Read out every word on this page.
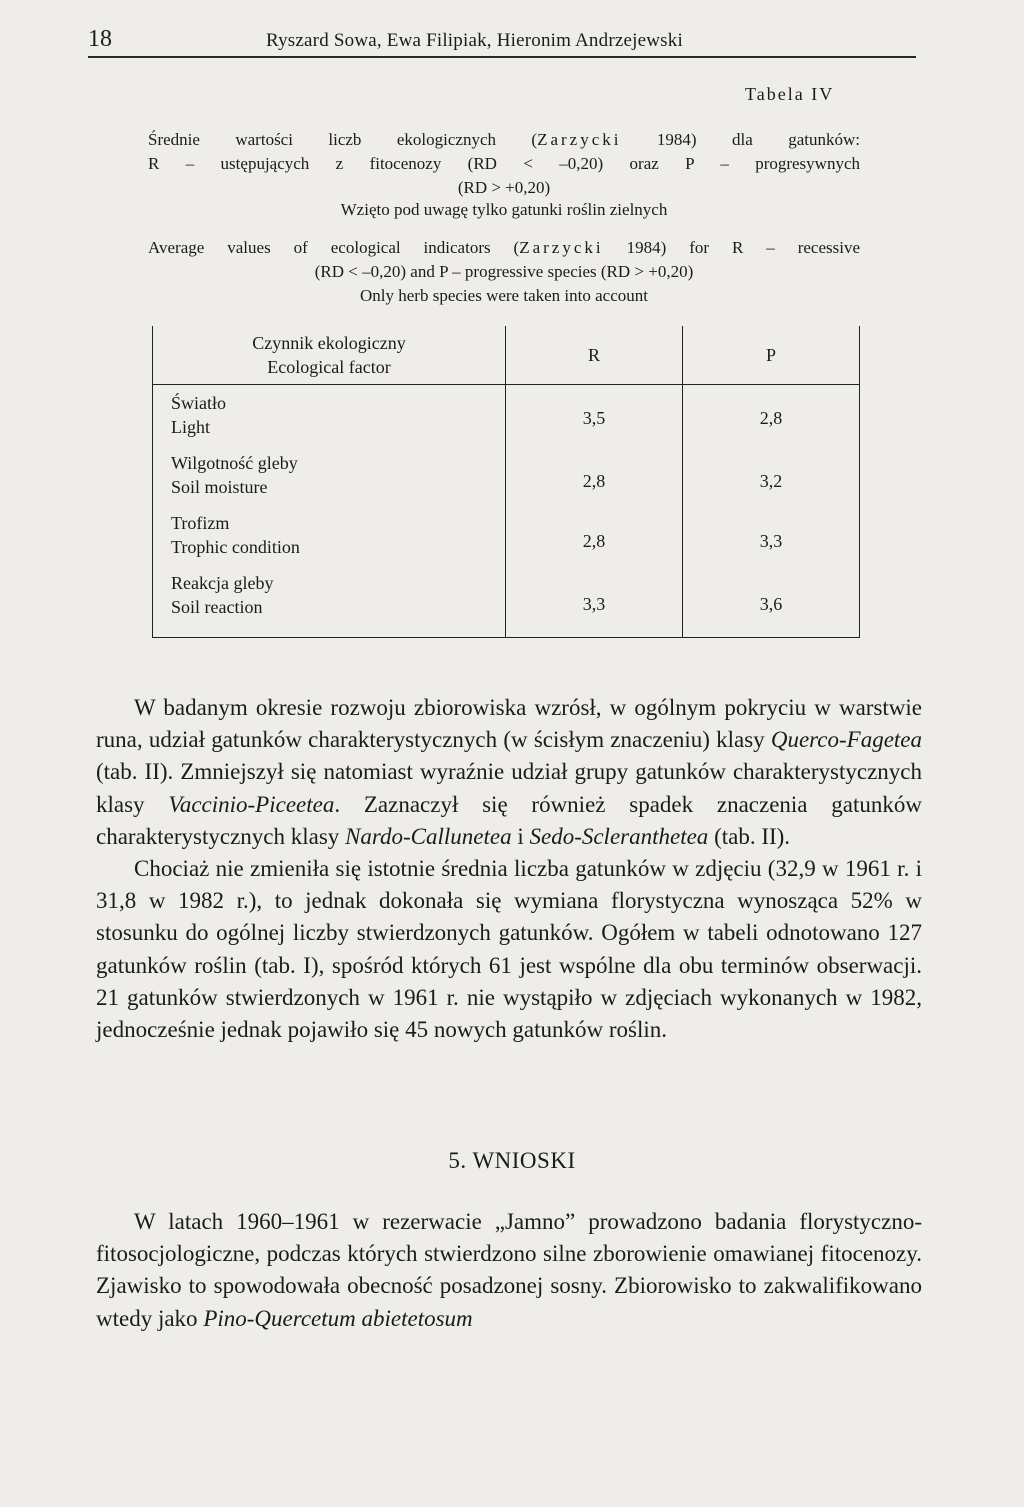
18	Ryszard Sowa, Ewa Filipiak, Hieronim Andrzejewski
Tabela IV
Średnie wartości liczb ekologicznych (Zarzycki 1984) dla gatunków:
R – ustępujących z fitocenozy (RD < –0,20) oraz P – progresywnych
(RD > +0,20)
Wzięto pod uwagę tylko gatunki roślin zielnych
Average values of ecological indicators (Zarzycki 1984) for R – recessive
(RD < –0,20) and P – progressive species (RD > +0,20)
Only herb species were taken into account
Czynnik ekologiczny
Ecological factor	R	P

Światło
Light	3,5	2,8

Wilgotność gleby
Soil moisture	2,8	3,2

Trofizm
Trophic condition	2,8	3,3

Reakcja gleby
Soil reaction	3,3	3,6

W badanym okresie rozwoju zbiorowiska wzrósł, w ogólnym pokryciu w warstwie runa, udział gatunków charakterystycznych (w ścisłym znaczeniu) klasy Querco-Fagetea (tab. II). Zmniejszył się natomiast wyraźnie udział grupy gatunków charakterystycznych klasy Vaccinio-Piceetea. Zaznaczył się również spadek znaczenia gatunków charakterystycznych klasy Nardo-Callunetea i Sedo-Scleranthetea (tab. II).

Chociaż nie zmieniła się istotnie średnia liczba gatunków w zdjęciu (32,9 w 1961 r. i 31,8 w 1982 r.), to jednak dokonała się wymiana florystyczna wynosząca 52% w stosunku do ogólnej liczby stwierdzonych gatunków. Ogółem w tabeli odnotowano 127 gatunków roślin (tab. I), spośród których 61 jest wspólne dla obu terminów obserwacji. 21 gatunków stwierdzonych w 1961 r. nie wystąpiło w zdjęciach wykonanych w 1982, jednocześnie jednak pojawiło się 45 nowych gatunków roślin.

5. WNIOSKI

W latach 1960–1961 w rezerwacie „Jamno” prowadzono badania florystyczno-fitosocjologiczne, podczas których stwierdzono silne zborowienie omawianej fitocenozy. Zjawisko to spowodowała obecność posadzonej sosny. Zbiorowisko to zakwalifikowano wtedy jako Pino-Quercetum abietetosum
